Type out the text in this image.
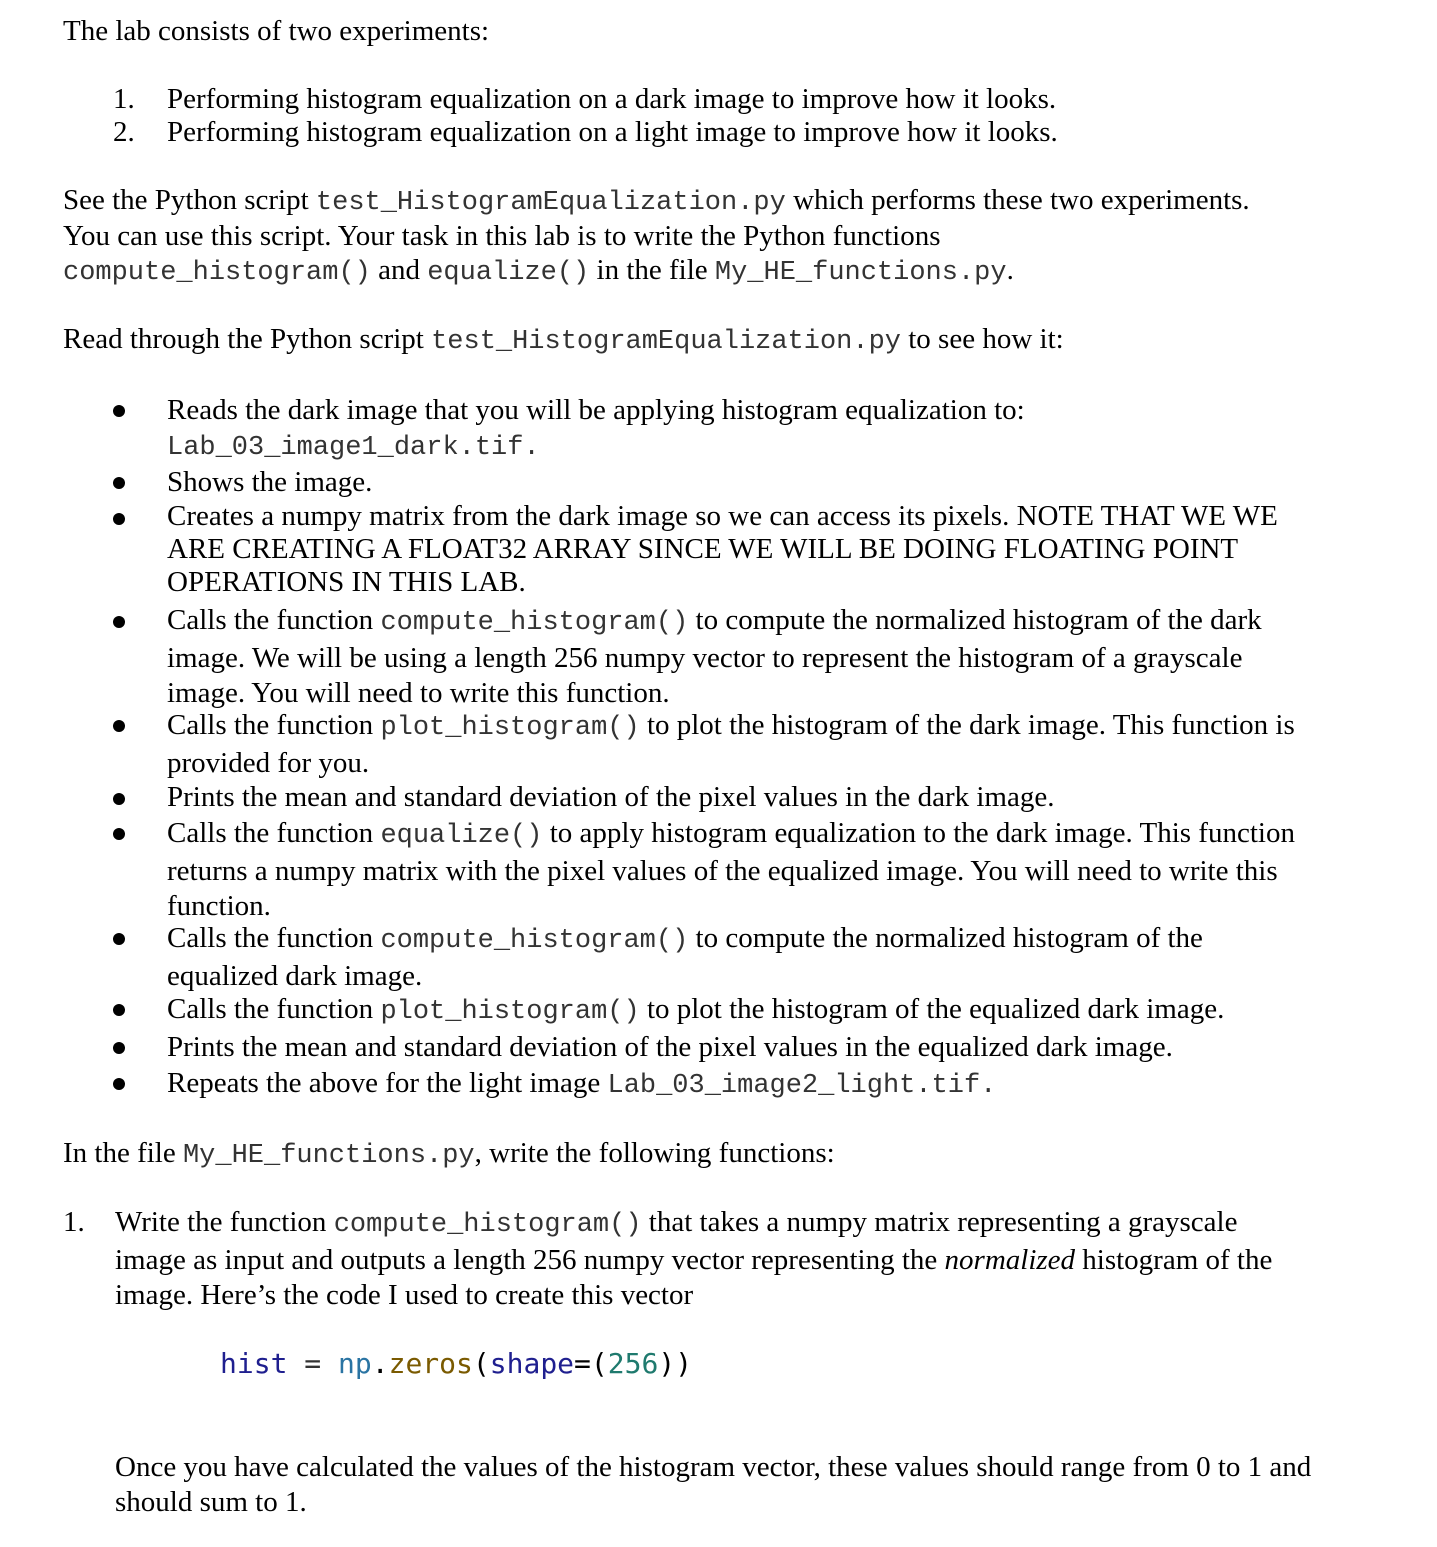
The lab consists of two experiments:
1. Performing histogram equalization on a dark image to improve how it looks.
2. Performing histogram equalization on a light image to improve how it looks.
See the Python script test_HistogramEqualization.py which performs these two experiments.
You can use this script. Your task in this lab is to write the Python functions
compute_histogram() and equalize() in the file My_HE_functions.py.
Read through the Python script test_HistogramEqualization.py to see how it:
Reads the dark image that you will be applying histogram equalization to:
Lab_03_image1_dark.tif.
Shows the image.
Creates a numpy matrix from the dark image so we can access its pixels. NOTE THAT WE WE ARE CREATING A FLOAT32 ARRAY SINCE WE WILL BE DOING FLOATING POINT OPERATIONS IN THIS LAB.
Calls the function compute_histogram() to compute the normalized histogram of the dark image. We will be using a length 256 numpy vector to represent the histogram of a grayscale image. You will need to write this function.
Calls the function plot_histogram() to plot the histogram of the dark image. This function is provided for you.
Prints the mean and standard deviation of the pixel values in the dark image.
Calls the function equalize() to apply histogram equalization to the dark image. This function returns a numpy matrix with the pixel values of the equalized image. You will need to write this function.
Calls the function compute_histogram() to compute the normalized histogram of the equalized dark image.
Calls the function plot_histogram() to plot the histogram of the equalized dark image.
Prints the mean and standard deviation of the pixel values in the equalized dark image.
Repeats the above for the light image Lab_03_image2_light.tif.
In the file My_HE_functions.py, write the following functions:
1. Write the function compute_histogram() that takes a numpy matrix representing a grayscale image as input and outputs a length 256 numpy vector representing the normalized histogram of the image. Here’s the code I used to create this vector
hist = np.zeros(shape=(256))
Once you have calculated the values of the histogram vector, these values should range from 0 to 1 and should sum to 1.
